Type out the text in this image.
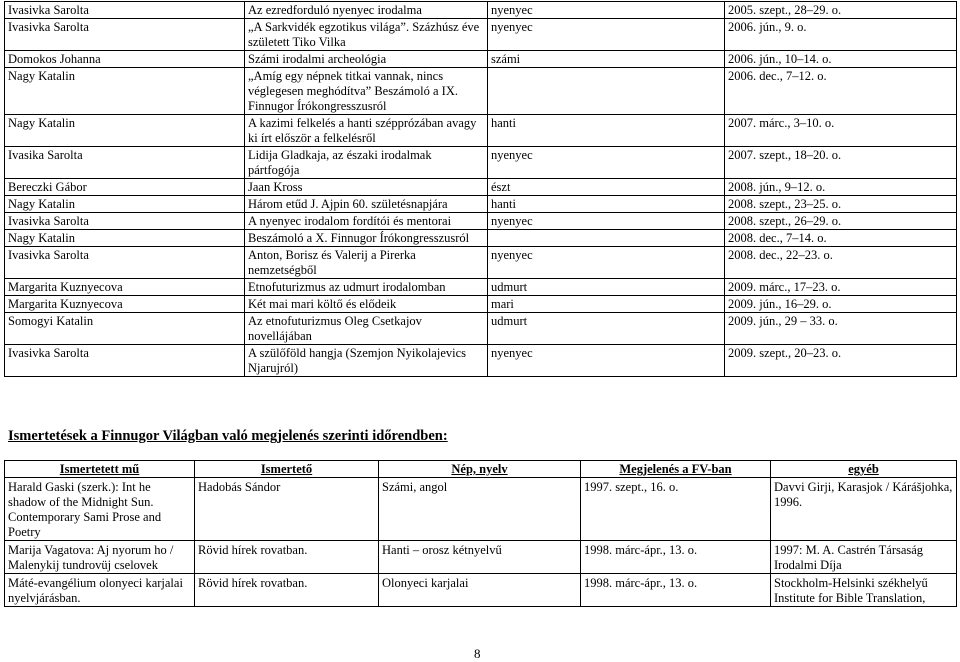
Ivasivka Sarolta	Az ezredforduló nyenyec irodalma	nyenyec	2005. szept., 28–29. o.
Ivasivka Sarolta	„A Sarkvidék egzotikus világa”. Százhúsz éve született Tiko Vilka	nyenyec	2006. jún., 9. o.
Domokos Johanna	Számi irodalmi archeológia	számi	2006. jún., 10–14. o.
Nagy Katalin	„Amíg egy népnek titkai vannak, nincs véglegesen meghódítva” Beszámoló a IX. Finnugor Írókongresszusról		2006. dec., 7–12. o.
Nagy Katalin	A kazimi felkelés a hanti szépprózában avagy ki írt először a felkelésről	hanti	2007. márc., 3–10. o.
Ivasika Sarolta	Lidija Gladkaja, az északi irodalmak pártfogója	nyenyec	2007. szept., 18–20. o.
Bereczki Gábor	Jaan Kross	észt	2008. jún., 9–12. o.
Nagy Katalin	Három etűd J. Ajpin 60. születésnapjára	hanti	2008. szept., 23–25. o.
Ivasivka Sarolta	A nyenyec irodalom fordítói és mentorai	nyenyec	2008. szept., 26–29. o.
Nagy Katalin	Beszámoló a X. Finnugor Írókongresszusról		2008. dec., 7–14. o.
Ivasivka Sarolta	Anton, Borisz és Valerij a Pirerka nemzetségből	nyenyec	2008. dec., 22–23. o.
Margarita Kuznyecova	Etnofuturizmus az udmurt irodalomban	udmurt	2009. márc., 17–23. o.
Margarita Kuznyecova	Két mai mari költő és elődeik	mari	2009. jún., 16–29. o.
Somogyi Katalin	Az etnofuturizmus Oleg Csetkajov novellájában	udmurt	2009. jún., 29 – 33. o.
Ivasivka Sarolta	A szülőföld hangja (Szemjon Nyikolajevics Njarujról)	nyenyec	2009. szept., 20–23. o.
Ismertetések a Finnugor Világban való megjelenés szerinti időrendben:
Ismertetett mű	Ismertető	Nép, nyelv	Megjelenés a FV-ban	egyéb
Harald Gaski (szerk.): Int he shadow of the Midnight Sun. Contemporary Sami Prose and Poetry	Hadobás Sándor	Számi, angol	1997. szept., 16. o.	Davvi Girji, Karasjok / Kárášjohka, 1996.
Marija Vagatova: Aj nyorum ho / Malenykij tundrovüj cselovek	Rövid hírek rovatban.	Hanti – orosz kétnyelvű	1998. márc-ápr., 13. o.	1997: M. A. Castrén Társaság Irodalmi Díja
Máté-evangélium olonyeci karjalai nyelvjárásban.	Rövid hírek rovatban.	Olonyeci karjalai	1998. márc-ápr., 13. o.	Stockholm-Helsinki székhelyű Institute for Bible Translation,
8
